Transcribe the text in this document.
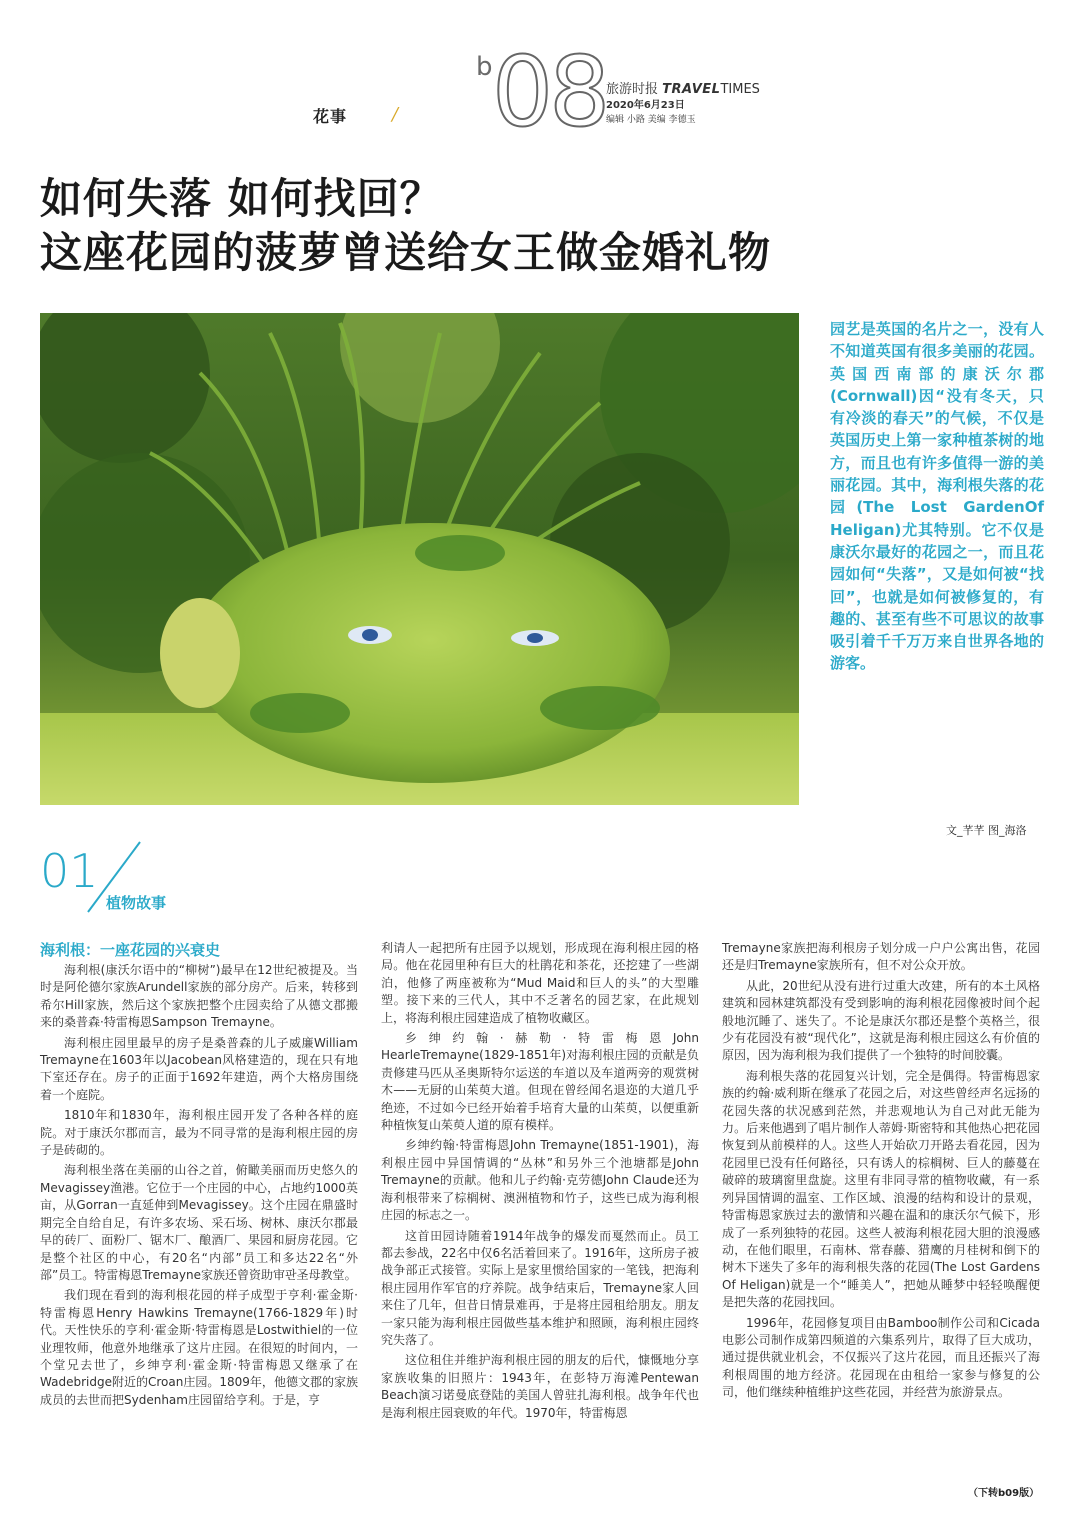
花事 /
b 08 旅游时报 TRAVELTIMES
2020年6月23日
编辑 小路 美编 李德玉
如何失落 如何找回？
这座花园的菠萝曾送给女王做金婚礼物
园艺是英国的名片之一，没有人不知道英国有很多美丽的花园。英国西南部的康沃尔郡(Cornwall)因“没有冬天，只有冷淡的春天”的气候，不仅是英国历史上第一家种植茶树的地方，而且也有许多值得一游的美丽花园。其中，海利根失落的花园(The Lost GardenOf Heligan)尤其特别。它不仅是康沃尔最好的花园之一，而且花园如何“失落”，又是如何被“找回”，也就是如何被修复的，有趣的、甚至有些不可思议的故事吸引着千千万万来自世界各地的游客。
文_芊芊 图_海洛
01
植物故事
海利根：一座花园的兴衰史

海利根(康沃尔语中的“柳树”)最早在12世纪被提及。当时是阿伦德尔家族Arundell家族的部分房产。后来，转移到希尔Hill家族，然后这个家族把整个庄园卖给了从德文郡搬来的桑普森·特雷梅恩Sampson Tremayne。

海利根庄园里最早的房子是桑普森的儿子威廉William Tremayne在1603年以Jacobean风格建造的，现在只有地下室还存在。房子的正面于1692年建造，两个大格房围绕着一个庭院。

1810年和1830年，海利根庄园开发了各种各样的庭院。对于康沃尔郡而言，最为不同寻常的是海利根庄园的房子是砖砌的。

海利根坐落在美丽的山谷之首，俯瞰美丽而历史悠久的Mevagissey渔港。它位于一个庄园的中心，占地约1000英亩，从Gorran一直延伸到Mevagissey。这个庄园在鼎盛时期完全自给自足，有许多农场、采石场、树林、康沃尔郡最早的砖厂、面粉厂、锯木厂、酿酒厂、果园和厨房花园。它是整个社区的中心，有20名“内部”员工和多达22名“外部”员工。特雷梅恩Tremayne家族还曾资助审판圣母教堂。

我们现在看到的海利根花园的样子成型于亨利·霍金斯·特雷梅恩Henry Hawkins Tremayne(1766-1829年)时代。天性快乐的亨利·霍金斯·特雷梅恩是Lostwithiel的一位业理牧师，他意外地继承了这片庄园。在很短的时间内，一个堂兄去世了，乡绅亨利·霍金斯·特雷梅恩又继承了在Wadebridge附近的Croan庄园。1809年，他德文郡的家族成员的去世而把Sydenham庄园留给亨利。于是，亨

利请人一起把所有庄园予以规划，形成现在海利根庄园的格局。他在花园里种有巨大的杜鹃花和茶花，还挖建了一些湖泊，他修了两座被称为“Mud Maid和巨人的头”的大型雕塑。接下来的三代人，其中不乏著名的园艺家，在此规划上，将海利根庄园建造成了植物收藏区。

乡绅约翰·赫勒·特雷梅恩John HearleTremayne(1829-1851年)对海利根庄园的贡献是负责修建马匹从圣奥斯特尔运送的车道以及车道两旁的观赏树木——无厨的山茱萸大道。但现在曾经闻名退迩的大道几乎绝迹，不过如今已经开始着手培育大量的山茱萸，以便重新种植恢复山茱萸人道的原有模样。

乡绅约翰·特雷梅恩John Tremayne(1851-1901)，海利根庄园中异国情调的“丛林”和另外三个池塘都是John Tremayne的贡献。他和儿子约翰·克劳德John Claude还为海利根带来了棕榈树、澳洲植物和竹子，这些已成为海利根庄园的标志之一。

这首田园诗随着1914年战争的爆发而戛然而止。员工都去参战，22名中仅6名活着回来了。1916年，这所房子被战争部正式接管。实际上是家里惯给国家的一笔钱，把海利根庄园用作军官的疗养院。战争结束后，Tremayne家人回来住了几年，但昔日情景难再，于是将庄园租给朋友。朋友一家只能为海利根庄园做些基本维护和照顾，海利根庄园终究失落了。

这位租住并维护海利根庄园的朋友的后代，慷慨地分享家族收集的旧照片：1943年，在彭特万海滩Pentewan Beach演习诺曼底登陆的美国人曾驻扎海利根。战争年代也是海利根庄园衰败的年代。1970年，特雷梅恩

Tremayne家族把海利根房子划分成一户户公寓出售，花园还是归Tremayne家族所有，但不对公众开放。

从此，20世纪从没有进行过重大改建，所有的本土风格建筑和园林建筑都没有受到影响的海利根花园像被时间个起般地沉睡了、迷失了。不论是康沃尔郡还是整个英格兰，很少有花园没有被“现代化”，这就是海利根庄园这么有价值的原因，因为海利根为我们提供了一个独特的时间胶囊。

海利根失落的花园复兴计划，完全是偶得。特雷梅恩家族的约翰·威利斯在继承了花园之后，对这些曾经声名远扬的花园失落的状况感到茫然，并悲观地认为自己对此无能为力。后来他遇到了唱片制作人蒂姆·斯密特和其他热心把花园恢复到从前模样的人。这些人开始砍刀开路去看花园，因为花园里已没有任何路径，只有诱人的棕榈树、巨人的藤蔓在破碎的玻璃窗里盘旋。这里有非同寻常的植物收藏，有一系列异国情调的温室、工作区域、浪漫的结构和设计的景观，特雷梅恩家族过去的激情和兴趣在温和的康沃尔气候下，形成了一系列独特的花园。这些人被海利根花园大胆的浪漫感动，在他们眼里，石南林、常春藤、猎鹰的月桂树和倒下的树木下迷失了多年的海利根失落的花园(The Lost Gardens Of Heligan)就是一个“睡美人”，把她从睡梦中轻轻唤醒便是把失落的花园找回。

1996年，花园修复项目由Bamboo制作公司和Cicada电影公司制作成第四频道的六集系列片，取得了巨大成功，通过提供就业机会，不仅振兴了这片花园，而且还振兴了海利根周围的地方经济。花园现在由租给一家参与修复的公司，他们继续种植维护这些花园，并经营为旅游景点。

（下转b09版）
